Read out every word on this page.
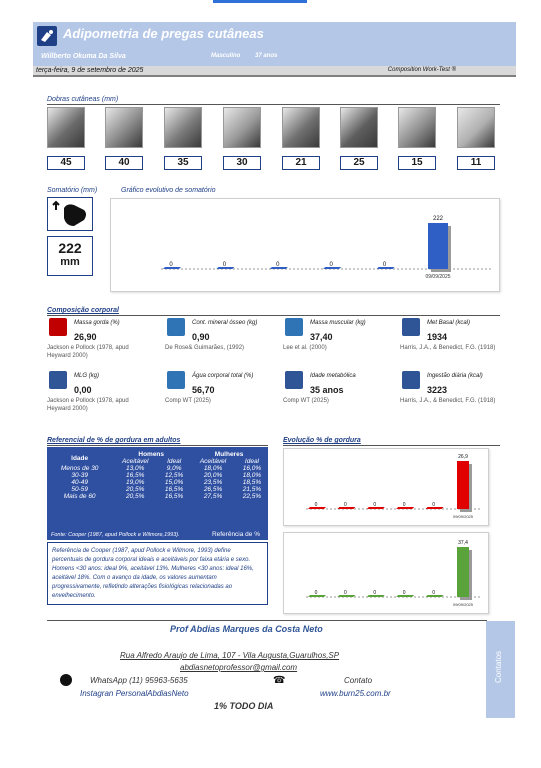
Adipometria de pregas cutâneas
Willberto Okuma Da Silva	Masculino 37 anos
terça-feira, 9 de setembro de 2025	Composition Work-Test ®
Dobras cutâneas (mm)
45	40	35	30	21	25	15	11
Somatório (mm)	Gráfico evolutivo de somatório
222
mm	0	0	0	0	0
222
09/09/2025
Composição corporal
Massa gorda (%)
26,90
Jackson e Pollock (1978, apud
Heyward 2000)
Cont. mineral ósseo (kg)
0,90
De Rose& Guimarães, (1992)
Massa muscular (kg)
37,40
Lee et al. (2000)
Met Basal (kcal)
1934
Harris, J.A., & Benedict, F.G. (1918)
MLG (kg)
0,00
Jackson e Pollock (1978, apud
Heyward 2000)
Água corporal total (%)
56,70
Comp WT (2025)
Idade metabólica
35 anos
Comp WT (2025)
Ingestão diária (kcal)
3223
Harris, J.A., & Benedict, F.G. (1918)
Referencial de % de gordura em adultos
Idade	Homens		Mulheres	
	Aceitável	Ideal	Aceitável	Ideal
Menos de 30	13,0%	9,0%	18,0%	16,0%
30-39	16,5%	12,5%	20,0%	18,0%
40-49	19,0%	15,0%	23,5%	18,5%
50-59	20,5%	16,5%	26,5%	21,5%
Mais de 60	20,5%	16,5%	27,5%	22,5%
Fonte: Cooper (1987, apud Pollock e Wilmore,1993).	Referência de %
Referência de Cooper (1987, apud Pollock e Wilmore, 1993) define percentuais de gordura corporal ideais e aceitáveis por faixa etária e sexo. Homens <30 anos: ideal 9%, aceitável 13%. Mulheres <30 anos: ideal 16%, aceitável 18%. Com o avanço da idade, os valores aumentam progressivamente, refletindo alterações fisiológicas relacionadas ao envelhecimento.
Evolução % de gordura
0	0	0	0	0
26,9
09/09/2025
0	0	0	0	0
37,4
09/09/2025
Prof Abdias Marques da Costa Neto
Rua Alfredo Araujo de Lima, 107 - Vila Augusta,Guarulhos,SP
abdiasnetoprofessor@gmail.com
WhatsApp (11) 95963-5635	☎	Contato
Instagran PersonalAbdiasNeto	www.burn25.com.br
1% TODO DIA
Contatos
